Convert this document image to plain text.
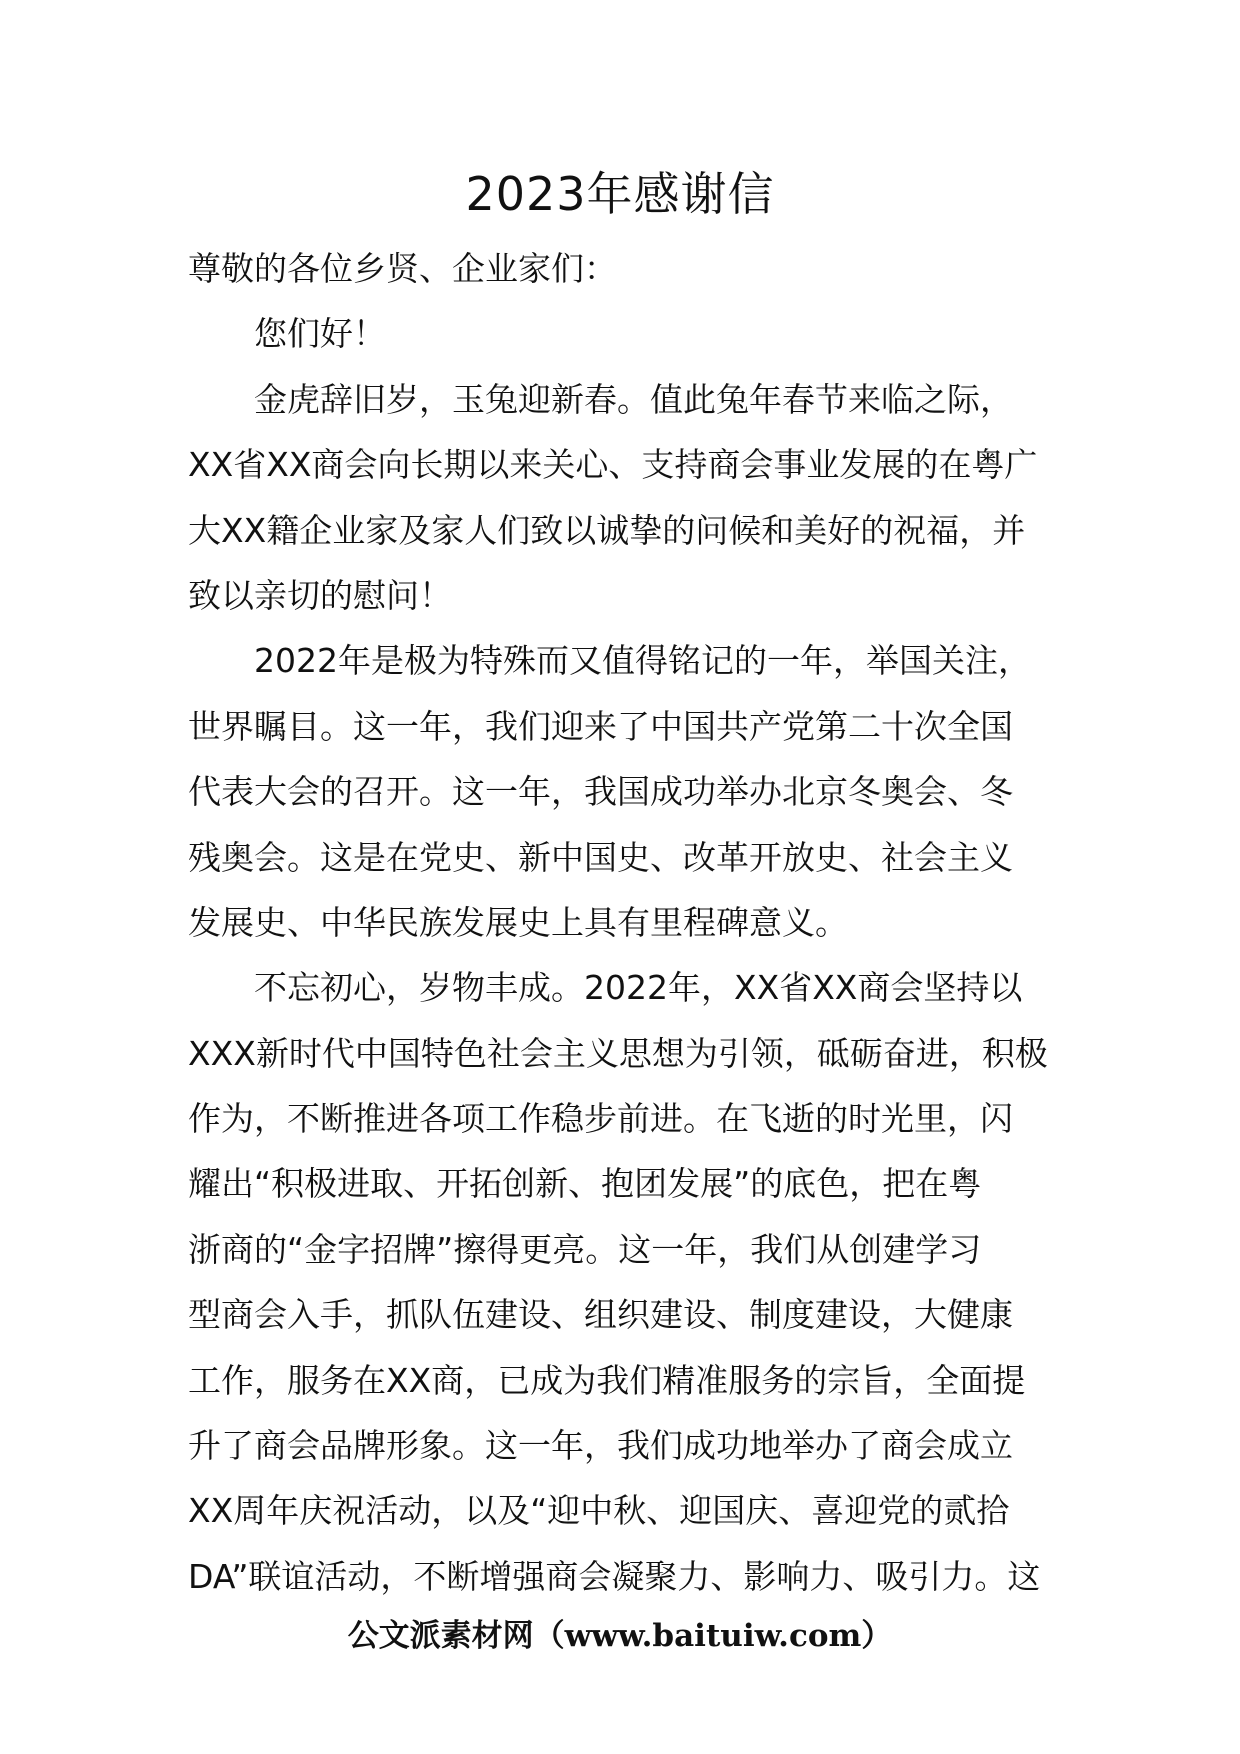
2023年感谢信
尊敬的各位乡贤、企业家们：
您们好！
金虎辞旧岁，玉兔迎新春。值此兔年春节来临之际，
XX省XX商会向长期以来关心、支持商会事业发展的在粤广
大XX籍企业家及家人们致以诚挚的问候和美好的祝福，并
致以亲切的慰问！
2022年是极为特殊而又值得铭记的一年，举国关注，
世界瞩目。这一年，我们迎来了中国共产党第二十次全国
代表大会的召开。这一年，我国成功举办北京冬奥会、冬
残奥会。这是在党史、新中国史、改革开放史、社会主义
发展史、中华民族发展史上具有里程碑意义。
不忘初心，岁物丰成。2022年，XX省XX商会坚持以
XXX新时代中国特色社会主义思想为引领，砥砺奋进，积极
作为，不断推进各项工作稳步前进。在飞逝的时光里，闪
耀出“积极进取、开拓创新、抱团发展”的底色，把在粤
浙商的“金字招牌”擦得更亮。这一年，我们从创建学习
型商会入手，抓队伍建设、组织建设、制度建设，大健康
工作，服务在XX商，已成为我们精准服务的宗旨，全面提
升了商会品牌形象。这一年，我们成功地举办了商会成立
XX周年庆祝活动，以及“迎中秋、迎国庆、喜迎党的贰拾
DA”联谊活动，不断增强商会凝聚力、影响力、吸引力。这
公文派素材网（www.baituiw.com）
